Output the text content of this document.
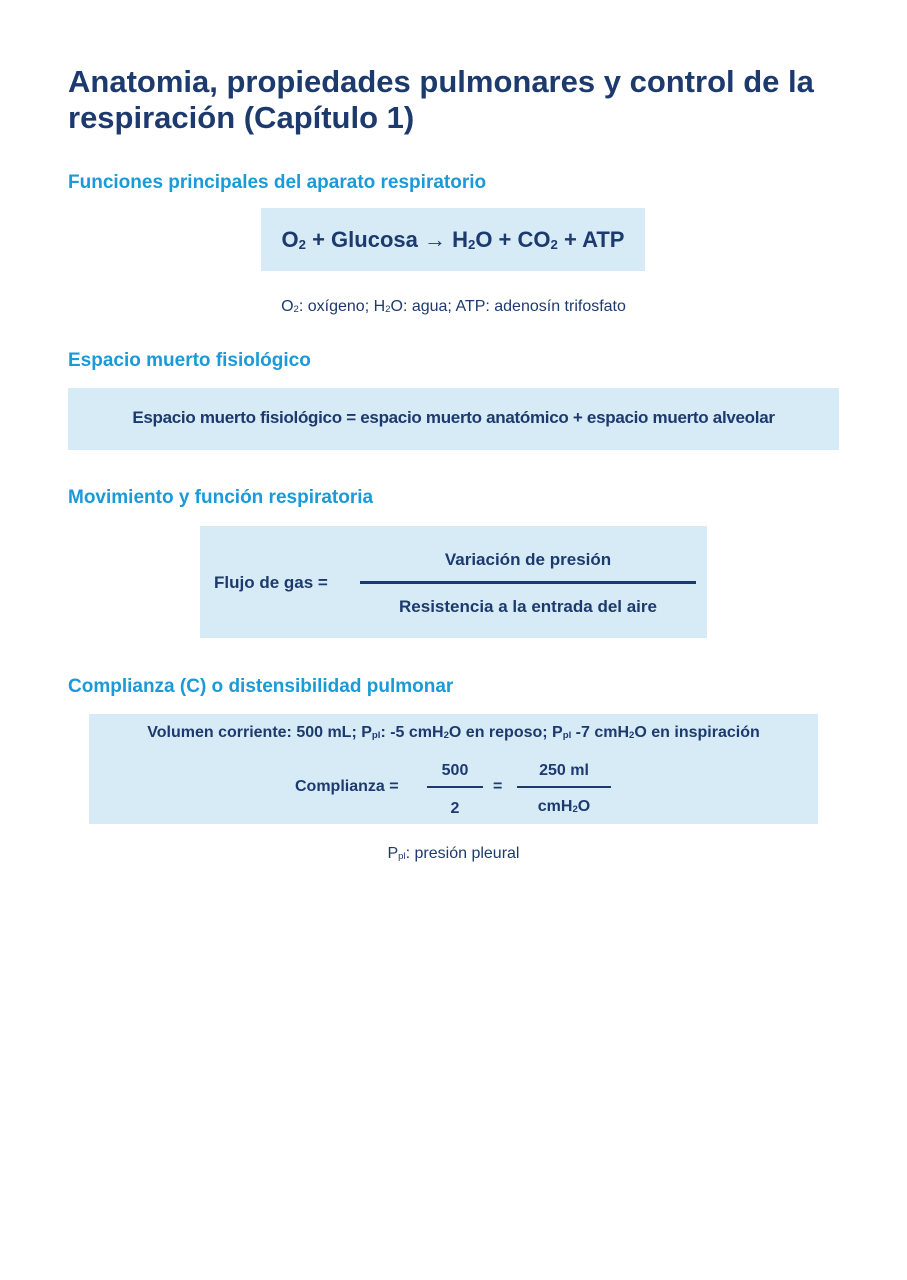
Anatomia, propiedades pulmonares y control de la respiración (Capítulo 1)
Funciones principales del aparato respiratorio
O2 + Glucosa → H2O + CO2 + ATP
O2: oxígeno; H2O: agua; ATP: adenosín trifosfato
Espacio muerto fisiológico
Espacio muerto fisiológico = espacio muerto anatómico + espacio muerto alveolar
Movimiento y función respiratoria
Flujo de gas =
Variación de presión
Resistencia a la entrada del aire
Complianza (C) o distensibilidad pulmonar
Volumen corriente: 500 mL; Ppl: -5 cmH2O en reposo; Ppl -7 cmH2O en inspiración
Complianza =
500
2
=
250 ml
cmH2O
Ppl: presión pleural
